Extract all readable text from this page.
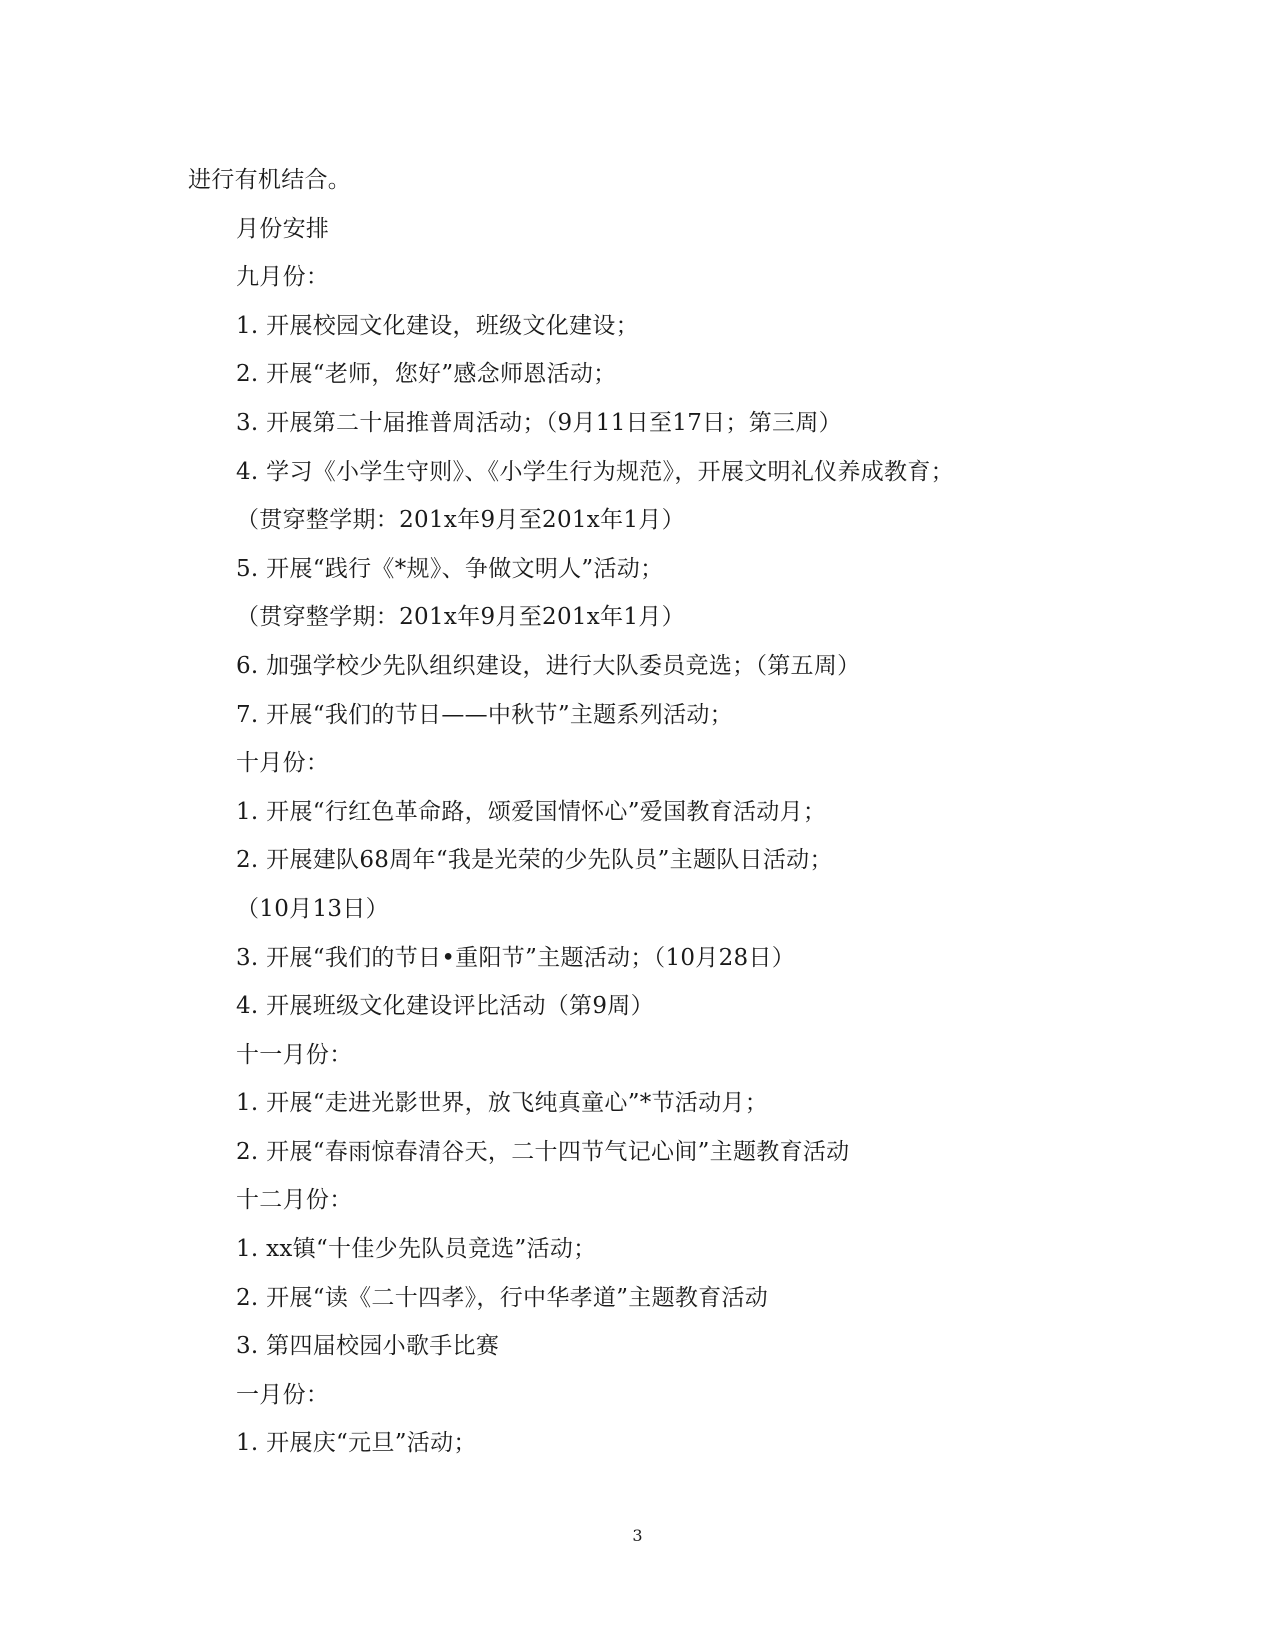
进行有机结合。
月份安排
九月份：
1. 开展校园文化建设，班级文化建设；
2. 开展“老师，您好”感念师恩活动；
3. 开展第二十届推普周活动；（9月11日至17日；第三周）
4. 学习《小学生守则》、《小学生行为规范》，开展文明礼仪养成教育；
（贯穿整学期：201x年9月至201x年1月）
5. 开展“践行《*规》、争做文明人”活动；
（贯穿整学期：201x年9月至201x年1月）
6. 加强学校少先队组织建设，进行大队委员竞选；（第五周）
7. 开展“我们的节日——中秋节”主题系列活动；
十月份：
1. 开展“行红色革命路，颂爱国情怀心”爱国教育活动月；
2. 开展建队68周年“我是光荣的少先队员”主题队日活动；
（10月13日）
3. 开展“我们的节日•重阳节”主题活动；（10月28日）
4. 开展班级文化建设评比活动（第9周）
十一月份：
1. 开展“走进光影世界，放飞纯真童心”*节活动月；
2. 开展“春雨惊春清谷天，二十四节气记心间”主题教育活动
十二月份：
1. xx镇“十佳少先队员竞选”活动；
2. 开展“读《二十四孝》，行中华孝道”主题教育活动
3. 第四届校园小歌手比赛
一月份：
1. 开展庆“元旦”活动；
3
